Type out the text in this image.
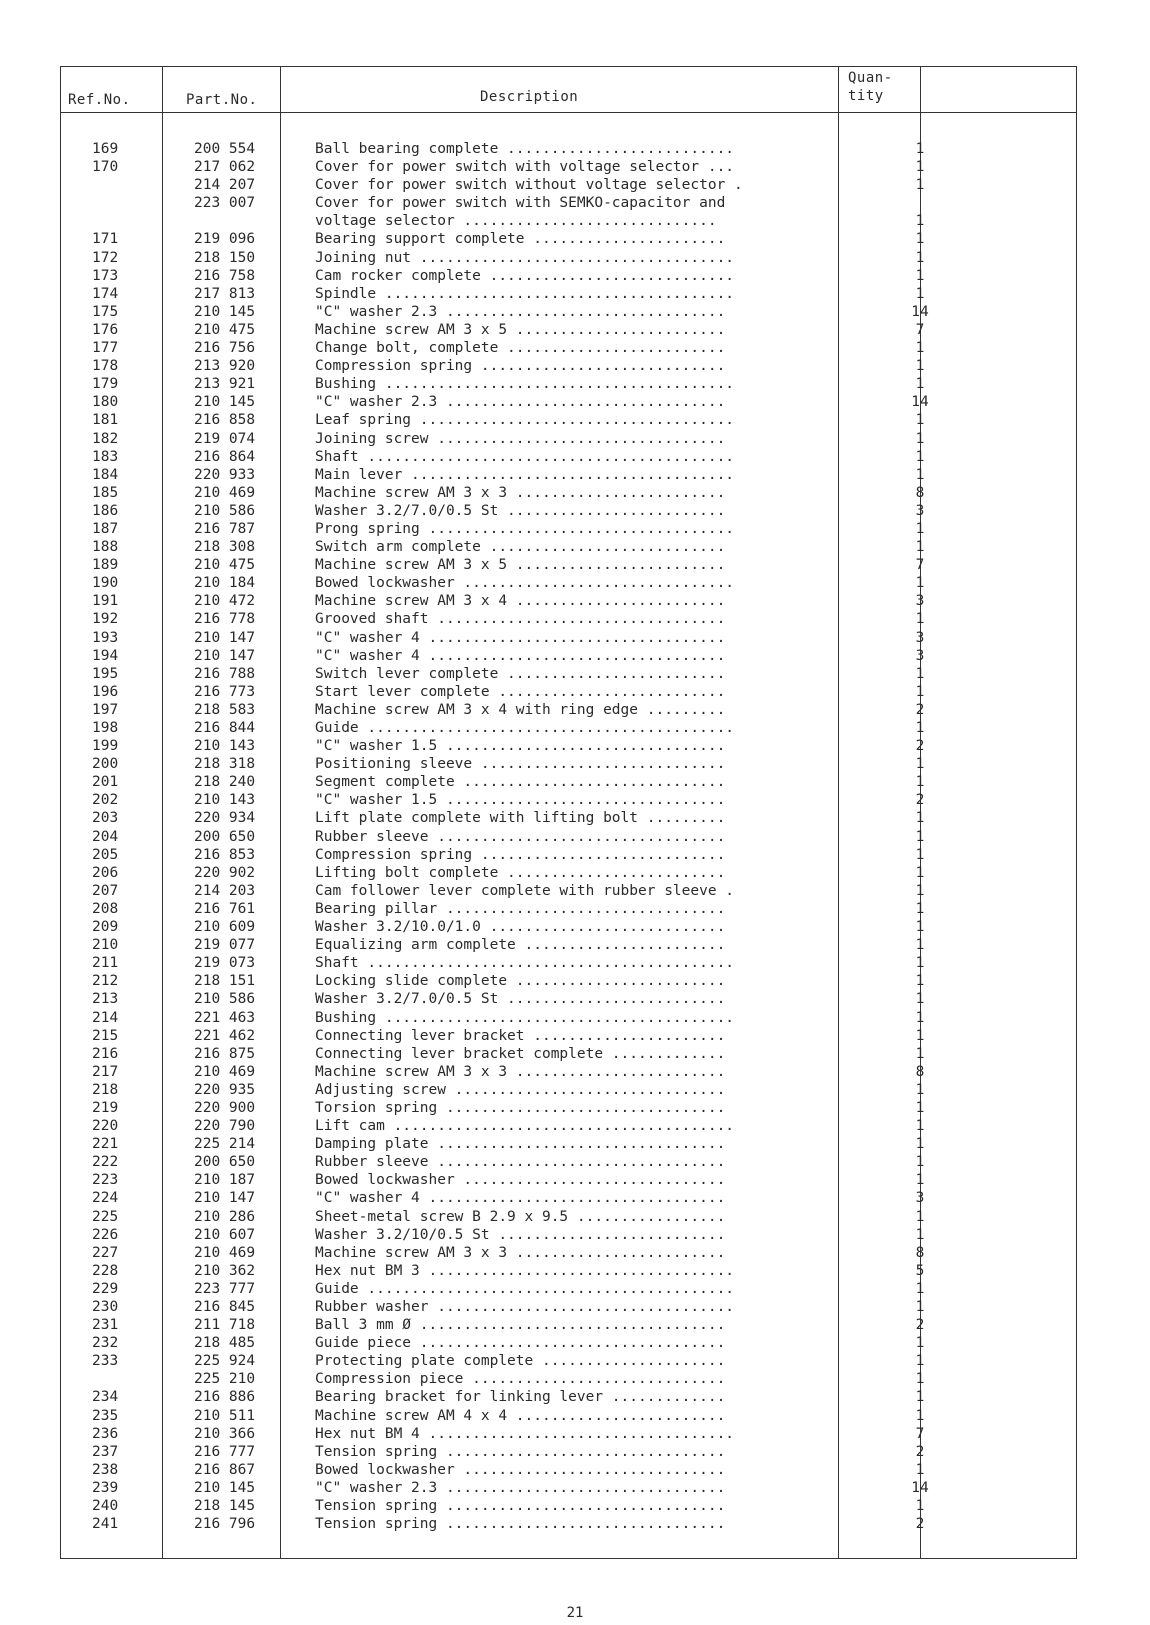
Ref.No.	Part.No.	Description
Quan-
tity
169	200 554	Ball bearing complete ..........................	1
170	217 062	Cover for power switch with voltage selector ...	1
214 207	Cover for power switch without voltage selector .	1
223 007	Cover for power switch with SEMKO-capacitor and
voltage selector .............................	1
171	219 096	Bearing support complete ......................	1
172	218 150	Joining nut ....................................	1
173	216 758	Cam rocker complete ............................	1
174	217 813	Spindle ........................................	1
175	210 145	"C" washer 2.3 ................................	14
176	210 475	Machine screw AM 3 x 5 ........................	7
177	216 756	Change bolt, complete .........................	1
178	213 920	Compression spring ............................	1
179	213 921	Bushing ........................................	1
180	210 145	"C" washer 2.3 ................................	14
181	216 858	Leaf spring ....................................	1
182	219 074	Joining screw .................................	1
183	216 864	Shaft ..........................................	1
184	220 933	Main lever .....................................	1
185	210 469	Machine screw AM 3 x 3 ........................	8
186	210 586	Washer 3.2/7.0/0.5 St .........................	3
187	216 787	Prong spring ...................................	1
188	218 308	Switch arm complete ...........................	1
189	210 475	Machine screw AM 3 x 5 ........................	7
190	210 184	Bowed lockwasher ...............................	1
191	210 472	Machine screw AM 3 x 4 ........................	3
192	216 778	Grooved shaft .................................	1
193	210 147	"C" washer 4 ..................................	3
194	210 147	"C" washer 4 ..................................	3
195	216 788	Switch lever complete .........................	1
196	216 773	Start lever complete ..........................	1
197	218 583	Machine screw AM 3 x 4 with ring edge .........	2
198	216 844	Guide ..........................................	1
199	210 143	"C" washer 1.5 ................................	2
200	218 318	Positioning sleeve ............................	1
201	218 240	Segment complete ..............................	1
202	210 143	"C" washer 1.5 ................................	2
203	220 934	Lift plate complete with lifting bolt .........	1
204	200 650	Rubber sleeve .................................	1
205	216 853	Compression spring ............................	1
206	220 902	Lifting bolt complete .........................	1
207	214 203	Cam follower lever complete with rubber sleeve .	1
208	216 761	Bearing pillar ................................	1
209	210 609	Washer 3.2/10.0/1.0 ...........................	1
210	219 077	Equalizing arm complete .......................	1
211	219 073	Shaft ..........................................	1
212	218 151	Locking slide complete ........................	1
213	210 586	Washer 3.2/7.0/0.5 St .........................	1
214	221 463	Bushing ........................................	1
215	221 462	Connecting lever bracket ......................	1
216	216 875	Connecting lever bracket complete .............	1
217	210 469	Machine screw AM 3 x 3 ........................	8
218	220 935	Adjusting screw ...............................	1
219	220 900	Torsion spring ................................	1
220	220 790	Lift cam .......................................	1
221	225 214	Damping plate .................................	1
222	200 650	Rubber sleeve .................................	1
223	210 187	Bowed lockwasher ..............................	1
224	210 147	"C" washer 4 ..................................	3
225	210 286	Sheet-metal screw B 2.9 x 9.5 .................	1
226	210 607	Washer 3.2/10/0.5 St ..........................	1
227	210 469	Machine screw AM 3 x 3 ........................	8
228	210 362	Hex nut BM 3 ...................................	5
229	223 777	Guide ..........................................	1
230	216 845	Rubber washer ..................................	1
231	211 718	Ball 3 mm Ø ...................................	2
232	218 485	Guide piece ...................................	1
233	225 924	Protecting plate complete .....................	1
225 210	Compression piece .............................	1
234	216 886	Bearing bracket for linking lever .............	1
235	210 511	Machine screw AM 4 x 4 ........................	1
236	210 366	Hex nut BM 4 ...................................	7
237	216 777	Tension spring ................................	2
238	216 867	Bowed lockwasher ..............................	1
239	210 145	"C" washer 2.3 ................................	14
240	218 145	Tension spring ................................	1
241	216 796	Tension spring ................................	2
21
